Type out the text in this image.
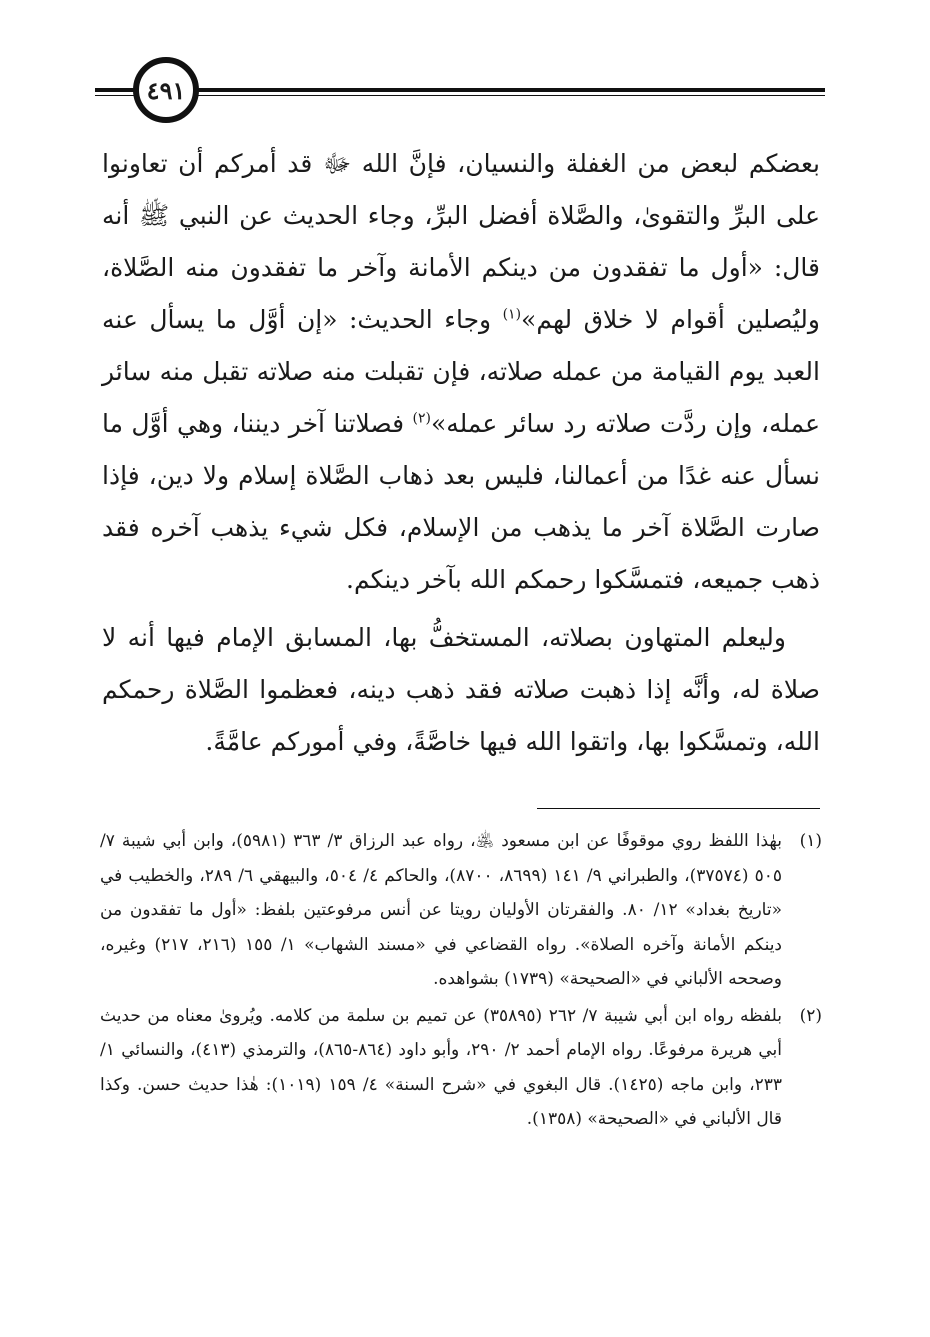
٤٩١

بعضكم لبعض من الغفلة والنسيان، فإنَّ الله ﷻ قد أمركم أن تعاونوا على البرِّ والتقوىٰ، والصَّلاة أفضل البرِّ، وجاء الحديث عن النبي ﷺ أنه قال: «أول ما تفقدون من دينكم الأمانة وآخر ما تفقدون منه الصَّلاة، وليُصلين أقوام لا خلاق لهم»$^{(١)}$ وجاء الحديث: «إن أوَّل ما يسأل عنه العبد يوم القيامة من عمله صلاته، فإن تقبلت منه صلاته تقبل منه سائر عمله، وإن ردَّت صلاته رد سائر عمله»$^{(٢)}$ فصلاتنا آخر ديننا، وهي أوَّل ما نسأل عنه غدًا من أعمالنا، فليس بعد ذهاب الصَّلاة إسلام ولا دين، فإذا صارت الصَّلاة آخر ما يذهب من الإسلام، فكل شيء يذهب آخره فقد ذهب جميعه، فتمسَّكوا رحمكم الله بآخر دينكم.

وليعلم المتهاون بصلاته، المستخفُّ بها، المسابق الإمام فيها أنه لا صلاة له، وأنَّه إذا ذهبت صلاته فقد ذهب دينه، فعظموا الصَّلاة رحمكم الله، وتمسَّكوا بها، واتقوا الله فيها خاصَّةً، وفي أموركم عامَّةً.

(١)
بهٰذا اللفظ روي موقوفًا عن ابن مسعود ﵁، رواه عبد الرزاق ٣/ ٣٦٣ (٥٩٨١)، وابن أبي شيبة ٧/ ٥٠٥ (٣٧٥٧٤)، والطبراني ٩/ ١٤١ (٨٦٩٩، ٨٧٠٠)، والحاكم ٤/ ٥٠٤، والبيهقي ٦/ ٢٨٩، والخطيب في «تاريخ بغداد» ١٢/ ٨٠. والفقرتان الأوليان رويتا عن أنس مرفوعتين بلفظ: «أول ما تفقدون من دينكم الأمانة وآخره الصلاة». رواه القضاعي في «مسند الشهاب» ١/ ١٥٥ (٢١٦، ٢١٧) وغيره، وصححه الألباني في «الصحيحة» (١٧٣٩) بشواهده.
(٢)
بلفظه رواه ابن أبي شيبة ٧/ ٢٦٢ (٣٥٨٩٥) عن تميم بن سلمة من كلامه. ويُروىٰ معناه من حديث أبي هريرة مرفوعًا. رواه الإمام أحمد ٢/ ٢٩٠، وأبو داود (٨٦٤-٨٦٥)، والترمذي (٤١٣)، والنسائي ١/ ٢٣٣، وابن ماجه (١٤٢٥). قال البغوي في «شرح السنة» ٤/ ١٥٩ (١٠١٩): هٰذا حديث حسن. وكذا قال الألباني في «الصحيحة» (١٣٥٨).
